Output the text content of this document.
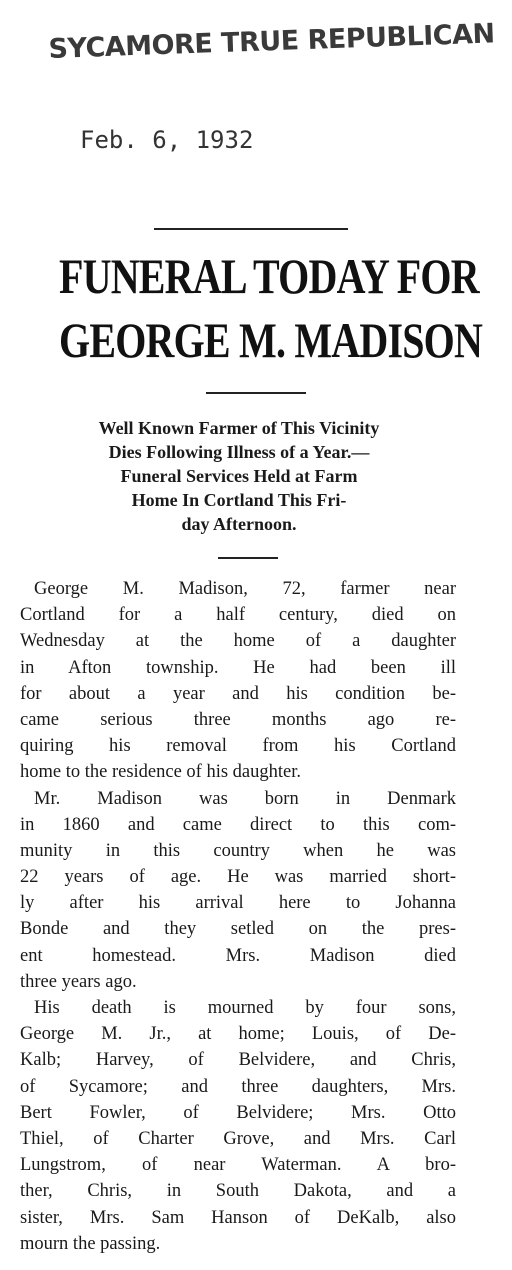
SYCAMORE TRUE REPUBLICAN
Feb. 6, 1932
FUNERAL TODAY FOR
GEORGE M. MADISON
Well Known Farmer of This Vicinity
Dies Following Illness of a Year.—
Funeral Services Held at Farm
Home In Cortland This Fri-
day Afternoon.
George M. Madison, 72, farmer near
Cortland for a half century, died on
Wednesday at the home of a daughter
in Afton township. He had been ill
for about a year and his condition be-
came serious three months ago re-
quiring his removal from his Cortland
home to the residence of his daughter.
Mr. Madison was born in Denmark
in 1860 and came direct to this com-
munity in this country when he was
22 years of age. He was married short-
ly after his arrival here to Johanna
Bonde and they setled on the pres-
ent homestead. Mrs. Madison died
three years ago.
His death is mourned by four sons,
George M. Jr., at home; Louis, of De-
Kalb; Harvey, of Belvidere, and Chris,
of Sycamore; and three daughters, Mrs.
Bert Fowler, of Belvidere; Mrs. Otto
Thiel, of Charter Grove, and Mrs. Carl
Lungstrom, of near Waterman. A bro-
ther, Chris, in South Dakota, and a
sister, Mrs. Sam Hanson of DeKalb, also
mourn the passing.
